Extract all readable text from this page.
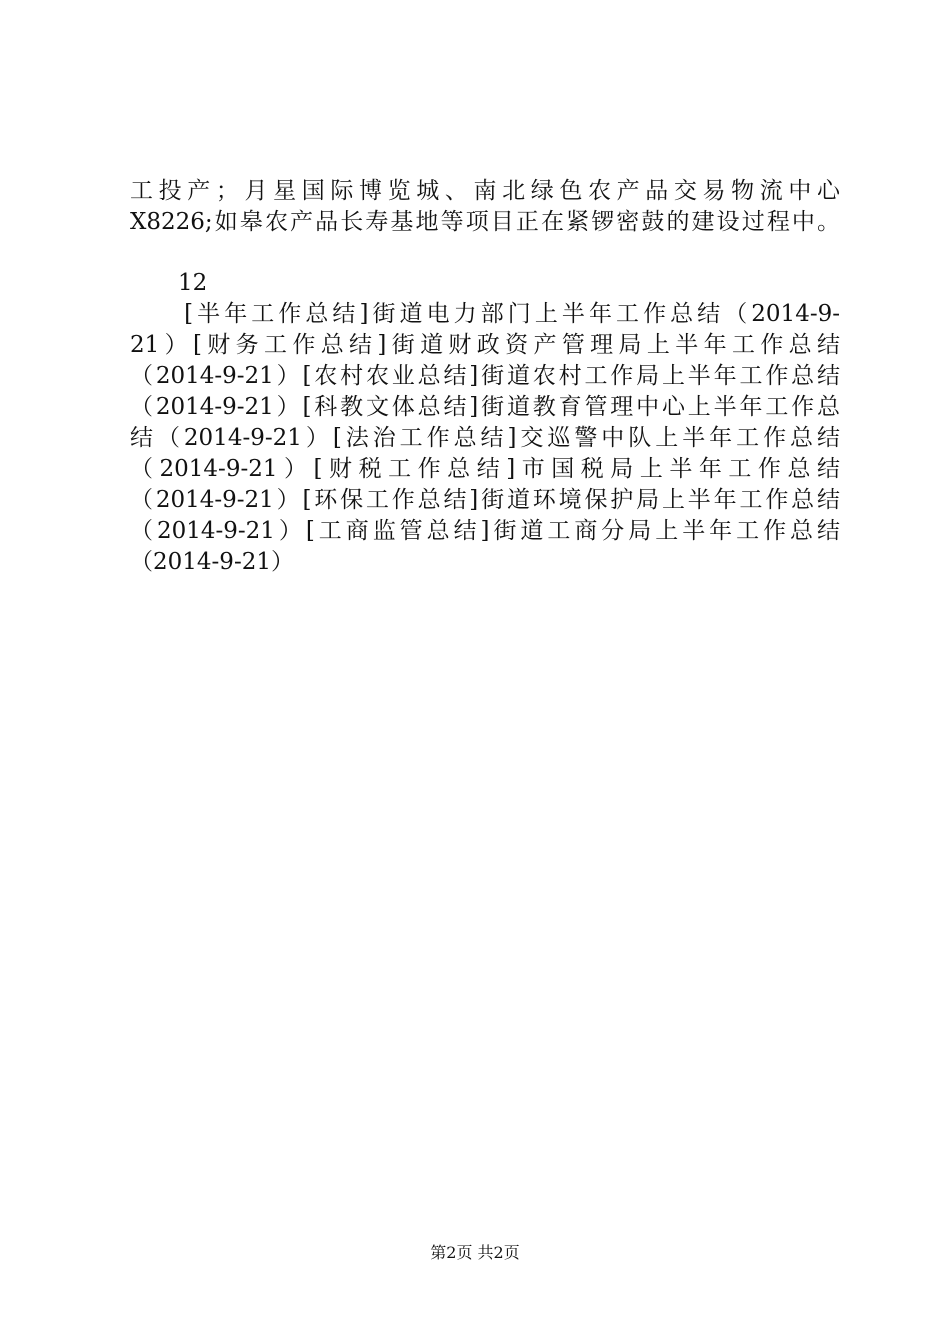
工投产；月星国际博览城、南北绿色农产品交易物流中心
X8226;如皋农产品长寿基地等项目正在紧锣密鼓的建设过程中。
12
　　[半年工作总结]街道电力部门上半年工作总结（2014-9-
21）[财务工作总结]街道财政资产管理局上半年工作总结
（2014-9-21）[农村农业总结]街道农村工作局上半年工作总结
（2014-9-21）[科教文体总结]街道教育管理中心上半年工作总
结（2014-9-21）[法治工作总结]交巡警中队上半年工作总结
（2014-9-21）[财税工作总结]市国税局上半年工作总结
（2014-9-21）[环保工作总结]街道环境保护局上半年工作总结
（2014-9-21）[工商监管总结]街道工商分局上半年工作总结
（2014-9-21）
第2页 共2页
